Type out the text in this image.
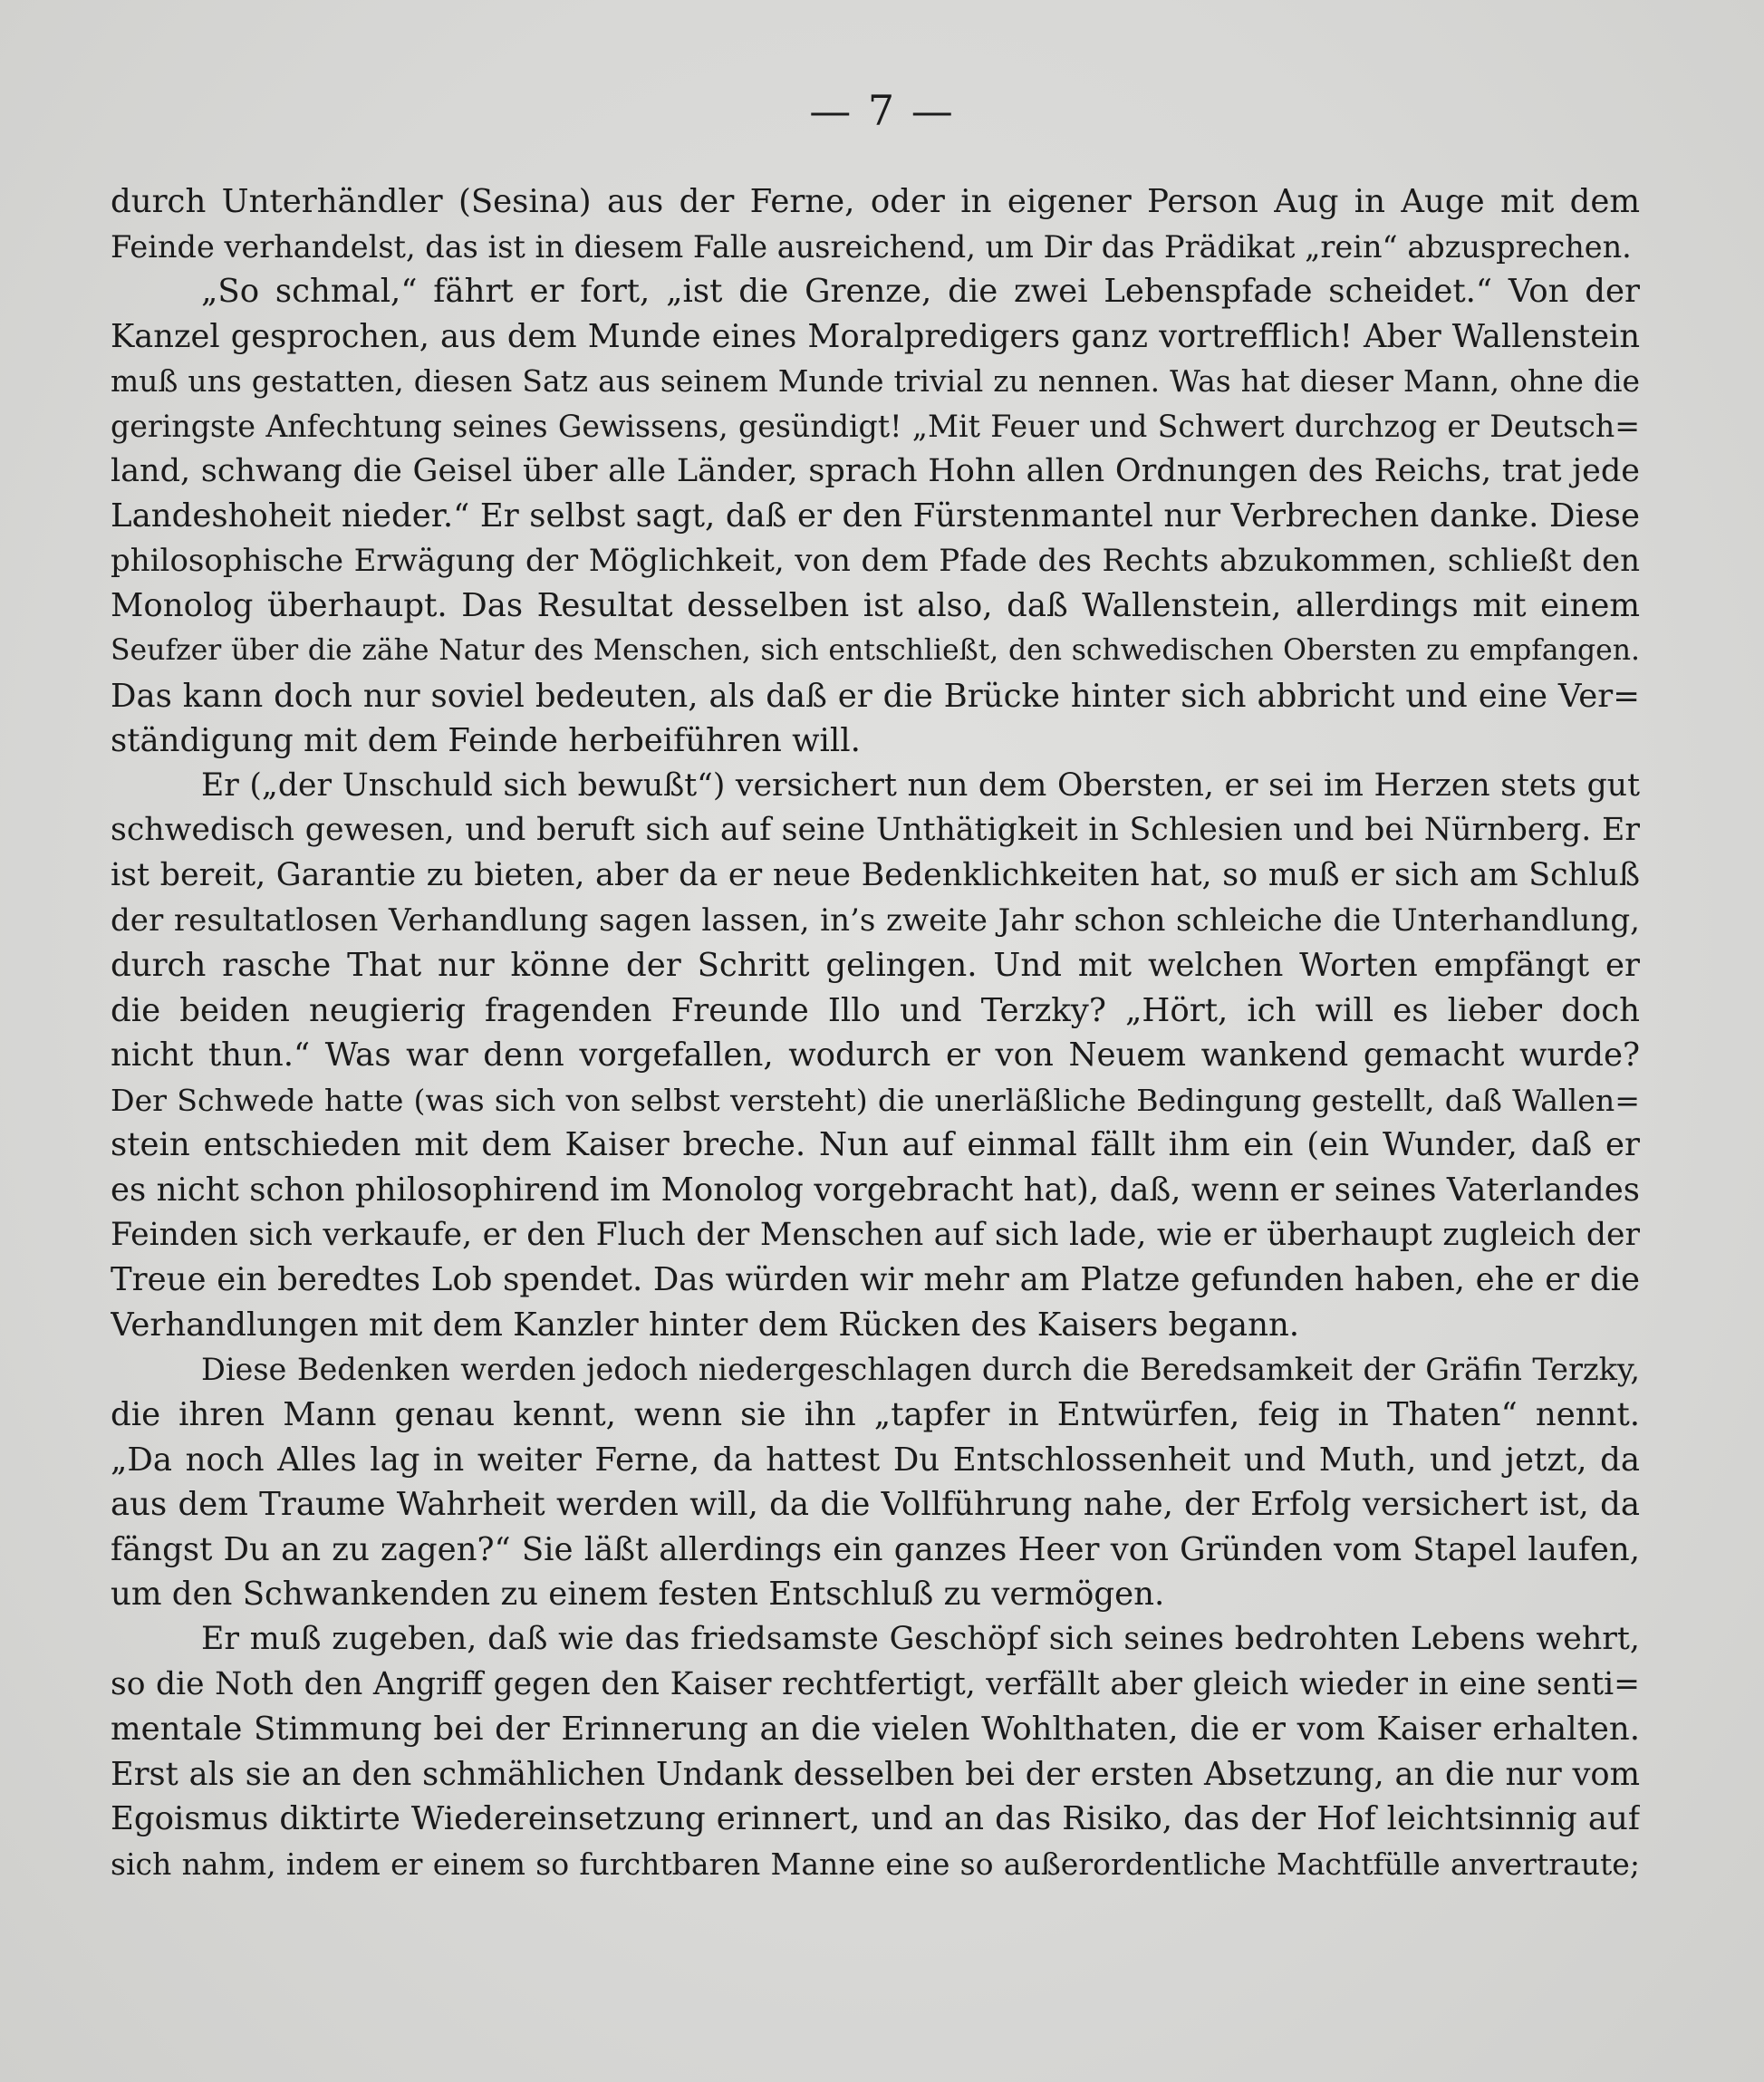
— 7 —
durch Unterhändler (Sesina) aus der Ferne, oder in eigener Person Aug in Auge mit dem
Feinde verhandelst, das ist in diesem Falle ausreichend, um Dir das Prädikat „rein“ abzusprechen.
„So schmal,“ fährt er fort, „ist die Grenze, die zwei Lebenspfade scheidet.“ Von der
Kanzel gesprochen, aus dem Munde eines Moralpredigers ganz vortrefflich! Aber Wallenstein
muß uns gestatten, diesen Satz aus seinem Munde trivial zu nennen. Was hat dieser Mann, ohne die
geringste Anfechtung seines Gewissens, gesündigt! „Mit Feuer und Schwert durchzog er Deutsch=
land, schwang die Geisel über alle Länder, sprach Hohn allen Ordnungen des Reichs, trat jede
Landeshoheit nieder.“ Er selbst sagt, daß er den Fürstenmantel nur Verbrechen danke. Diese
philosophische Erwägung der Möglichkeit, von dem Pfade des Rechts abzukommen, schließt den
Monolog überhaupt. Das Resultat desselben ist also, daß Wallenstein, allerdings mit einem
Seufzer über die zähe Natur des Menschen, sich entschließt, den schwedischen Obersten zu empfangen.
Das kann doch nur soviel bedeuten, als daß er die Brücke hinter sich abbricht und eine Ver=
ständigung mit dem Feinde herbeiführen will.
Er („der Unschuld sich bewußt“) versichert nun dem Obersten, er sei im Herzen stets gut
schwedisch gewesen, und beruft sich auf seine Unthätigkeit in Schlesien und bei Nürnberg. Er
ist bereit, Garantie zu bieten, aber da er neue Bedenklichkeiten hat, so muß er sich am Schluß
der resultatlosen Verhandlung sagen lassen, in’s zweite Jahr schon schleiche die Unterhandlung,
durch rasche That nur könne der Schritt gelingen. Und mit welchen Worten empfängt er
die beiden neugierig fragenden Freunde Illo und Terzky? „Hört, ich will es lieber doch
nicht thun.“ Was war denn vorgefallen, wodurch er von Neuem wankend gemacht wurde?
Der Schwede hatte (was sich von selbst versteht) die unerläßliche Bedingung gestellt, daß Wallen=
stein entschieden mit dem Kaiser breche. Nun auf einmal fällt ihm ein (ein Wunder, daß er
es nicht schon philosophirend im Monolog vorgebracht hat), daß, wenn er seines Vaterlandes
Feinden sich verkaufe, er den Fluch der Menschen auf sich lade, wie er überhaupt zugleich der
Treue ein beredtes Lob spendet. Das würden wir mehr am Platze gefunden haben, ehe er die
Verhandlungen mit dem Kanzler hinter dem Rücken des Kaisers begann.
Diese Bedenken werden jedoch niedergeschlagen durch die Beredsamkeit der Gräfin Terzky,
die ihren Mann genau kennt, wenn sie ihn „tapfer in Entwürfen, feig in Thaten“ nennt.
„Da noch Alles lag in weiter Ferne, da hattest Du Entschlossenheit und Muth, und jetzt, da
aus dem Traume Wahrheit werden will, da die Vollführung nahe, der Erfolg versichert ist, da
fängst Du an zu zagen?“ Sie läßt allerdings ein ganzes Heer von Gründen vom Stapel laufen,
um den Schwankenden zu einem festen Entschluß zu vermögen.
Er muß zugeben, daß wie das friedsamste Geschöpf sich seines bedrohten Lebens wehrt,
so die Noth den Angriff gegen den Kaiser rechtfertigt, verfällt aber gleich wieder in eine senti=
mentale Stimmung bei der Erinnerung an die vielen Wohlthaten, die er vom Kaiser erhalten.
Erst als sie an den schmählichen Undank desselben bei der ersten Absetzung, an die nur vom
Egoismus diktirte Wiedereinsetzung erinnert, und an das Risiko, das der Hof leichtsinnig auf
sich nahm, indem er einem so furchtbaren Manne eine so außerordentliche Machtfülle anvertraute;
